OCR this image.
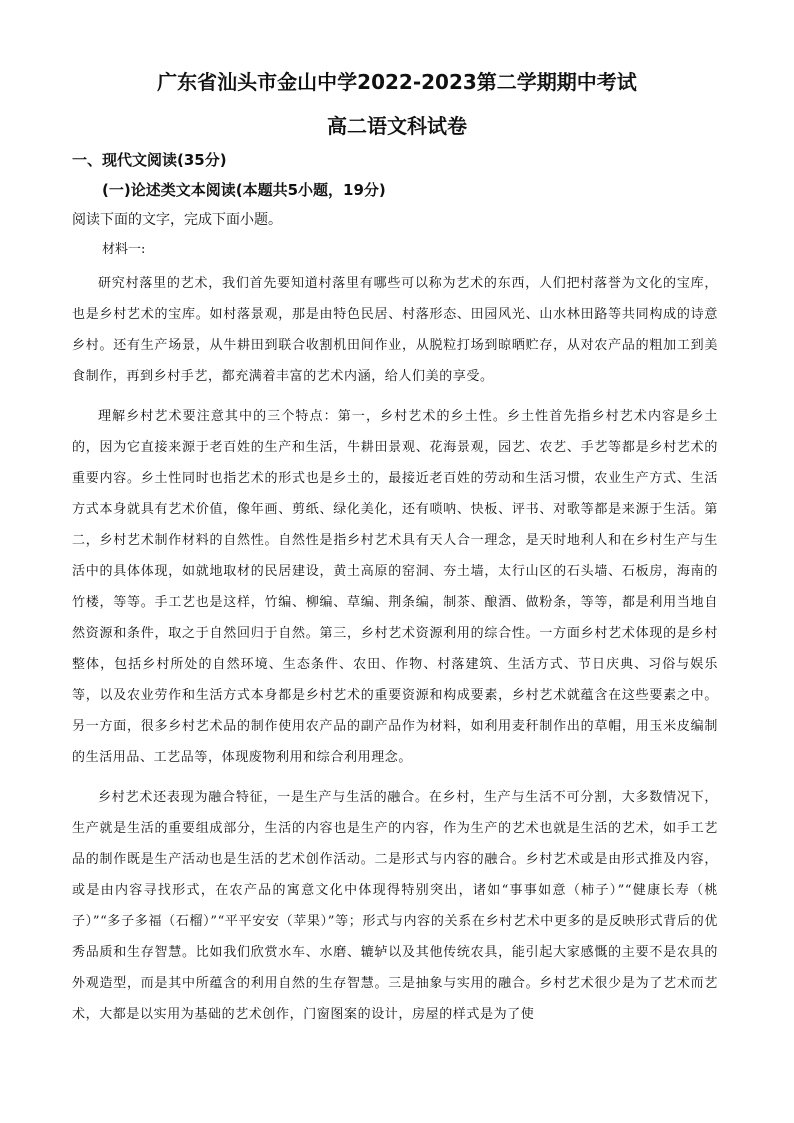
广东省汕头市金山中学2022-2023第二学期期中考试
高二语文科试卷
一、现代文阅读(35分)
(一)论述类文本阅读(本题共5小题，19分)

阅读下面的文字，完成下面小题。

材料一:

研究村落里的艺术，我们首先要知道村落里有哪些可以称为艺术的东西，人们把村落誉为文化的宝库，也是乡村艺术的宝库。如村落景观，那是由特色民居、村落形态、田园风光、山水林田路等共同构成的诗意乡村。还有生产场景，从牛耕田到联合收割机田间作业，从脱粒打场到晾晒贮存，从对农产品的粗加工到美食制作，再到乡村手艺，都充满着丰富的艺术内涵，给人们美的享受。

理解乡村艺术要注意其中的三个特点：第一，乡村艺术的乡土性。乡土性首先指乡村艺术内容是乡土的，因为它直接来源于老百姓的生产和生活，牛耕田景观、花海景观，园艺、农艺、手艺等都是乡村艺术的重要内容。乡土性同时也指艺术的形式也是乡土的，最接近老百姓的劳动和生活习惯，农业生产方式、生活方式本身就具有艺术价值，像年画、剪纸、绿化美化，还有唢呐、快板、评书、对歌等都是来源于生活。第二，乡村艺术制作材料的自然性。自然性是指乡村艺术具有天人合一理念，是天时地利人和在乡村生产与生活中的具体体现，如就地取材的民居建设，黄土高原的窑洞、夯土墙，太行山区的石头墙、石板房，海南的竹楼，等等。手工艺也是这样，竹编、柳编、草编、荆条编，制茶、酿酒、做粉条，等等，都是利用当地自然资源和条件，取之于自然回归于自然。第三，乡村艺术资源利用的综合性。一方面乡村艺术体现的是乡村整体，包括乡村所处的自然环境、生态条件、农田、作物、村落建筑、生活方式、节日庆典、习俗与娱乐等，以及农业劳作和生活方式本身都是乡村艺术的重要资源和构成要素，乡村艺术就蕴含在这些要素之中。另一方面，很多乡村艺术品的制作使用农产品的副产品作为材料，如利用麦秆制作出的草帽，用玉米皮编制的生活用品、工艺品等，体现废物利用和综合利用理念。

乡村艺术还表现为融合特征，一是生产与生活的融合。在乡村，生产与生活不可分割，大多数情况下，生产就是生活的重要组成部分，生活的内容也是生产的内容，作为生产的艺术也就是生活的艺术，如手工艺品的制作既是生产活动也是生活的艺术创作活动。二是形式与内容的融合。乡村艺术或是由形式推及内容，或是由内容寻找形式，在农产品的寓意文化中体现得特别突出，诸如“事事如意（柿子）”“健康长寿（桃子）”“多子多福（石榴）”“平平安安（苹果）”等；形式与内容的关系在乡村艺术中更多的是反映形式背后的优秀品质和生存智慧。比如我们欣赏水车、水磨、辘轳以及其他传统农具，能引起大家感慨的主要不是农具的外观造型，而是其中所蕴含的利用自然的生存智慧。三是抽象与实用的融合。乡村艺术很少是为了艺术而艺术，大都是以实用为基础的艺术创作，门窗图案的设计，房屋的样式是为了使
